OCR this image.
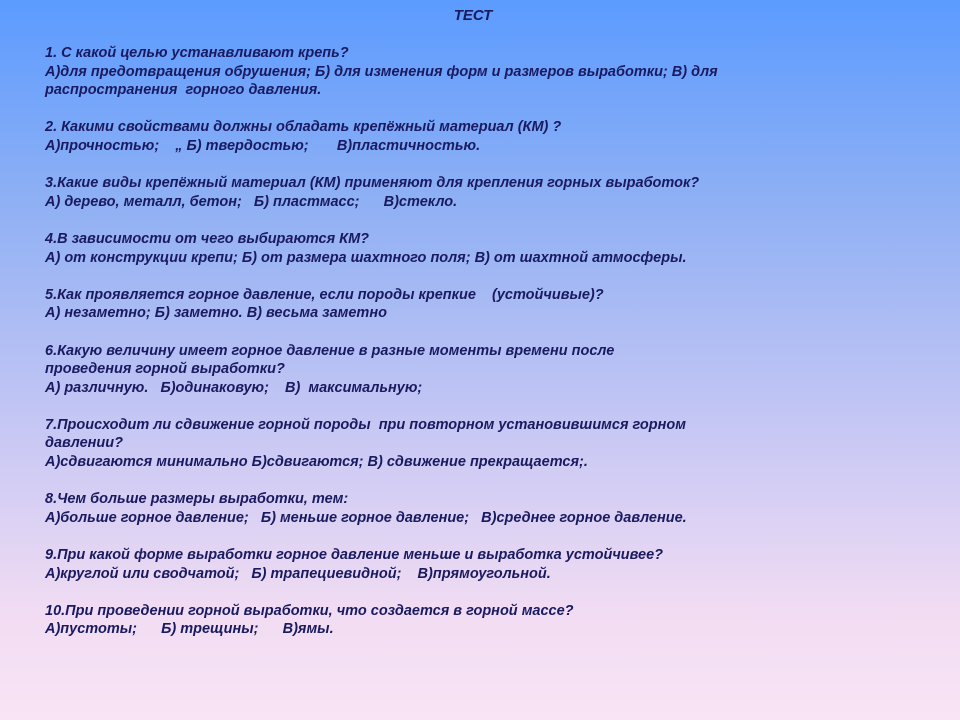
ТЕСТ
1. С какой целью устанавливают крепь?
А)для предотвращения обрушения; Б) для изменения форм и размеров выработки; В) для
распространения  горного давления.
2. Какими свойствами должны обладать крепёжный материал (КМ) ?
А)прочностью;    „ Б) твердостью;       В)пластичностью.
3.Какие виды крепёжный материал (КМ) применяют для крепления горных выработок?
А) дерево, металл, бетон;   Б) пластмасс;      В)стекло.
4.В зависимости от чего выбираются КМ?
А) от конструкции крепи; Б) от размера шахтного поля; В) от шахтной атмосферы.
5.Как проявляется горное давление, если породы крепкие    (устойчивые)?
А) незаметно; Б) заметно. В) весьма заметно
6.Какую величину имеет горное давление в разные моменты времени после
проведения горной выработки?
А) различную.   Б)одинаковую;    В)  максимальную;
7.Происходит ли сдвижение горной породы  при повторном установившимся горном
давлении?
А)сдвигаются минимально Б)сдвигаются; В) сдвижение прекращается;.
8.Чем больше размеры выработки, тем:
А)больше горное давление;   Б) меньше горное давление;   В)среднее горное давление.
9.При какой форме выработки горное давление меньше и выработка устойчивее?
А)круглой или сводчатой;   Б) трапециевидной;    В)прямоугольной.
10.При проведении горной выработки, что создается в горной массе?
А)пустоты;      Б) трещины;      В)ямы.
